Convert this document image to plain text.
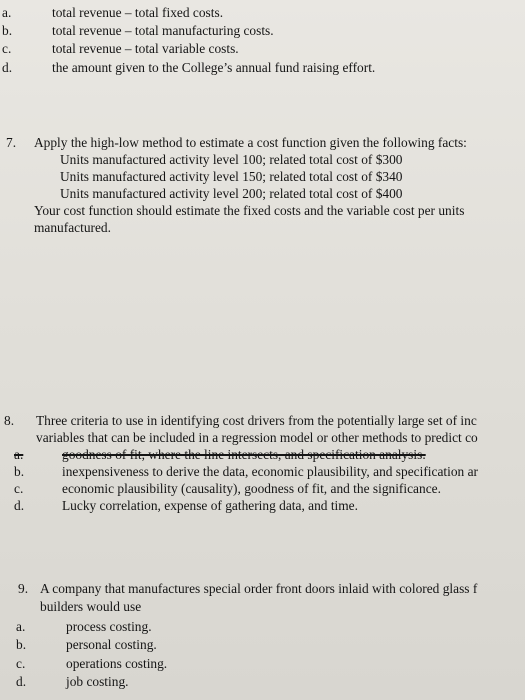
a.	total revenue – total fixed costs.
b.	total revenue – total manufacturing costs.
c.	total revenue – total variable costs.
d.	the amount given to the College’s annual fund raising effort.
7. Apply the high-low method to estimate a cost function given the following facts:
Units manufactured activity level 100; related total cost of $300
Units manufactured activity level 150; related total cost of $340
Units manufactured activity level 200; related total cost of $400
Your cost function should estimate the fixed costs and the variable cost per units
manufactured.
8. Three criteria to use in identifying cost drivers from the potentially large set of inc
variables that can be included in a regression model or other methods to predict co
a.	goodness of fit, where the line intersects, and specification analysis.
b.	inexpensiveness to derive the data, economic plausibility, and specification ar
c.	economic plausibility (causality), goodness of fit, and the significance.
d.	Lucky correlation, expense of gathering data, and time.
9. A company that manufactures special order front doors inlaid with colored glass f
builders would use
a.	process costing.
b.	personal costing.
c.	operations costing.
d.	job costing.
